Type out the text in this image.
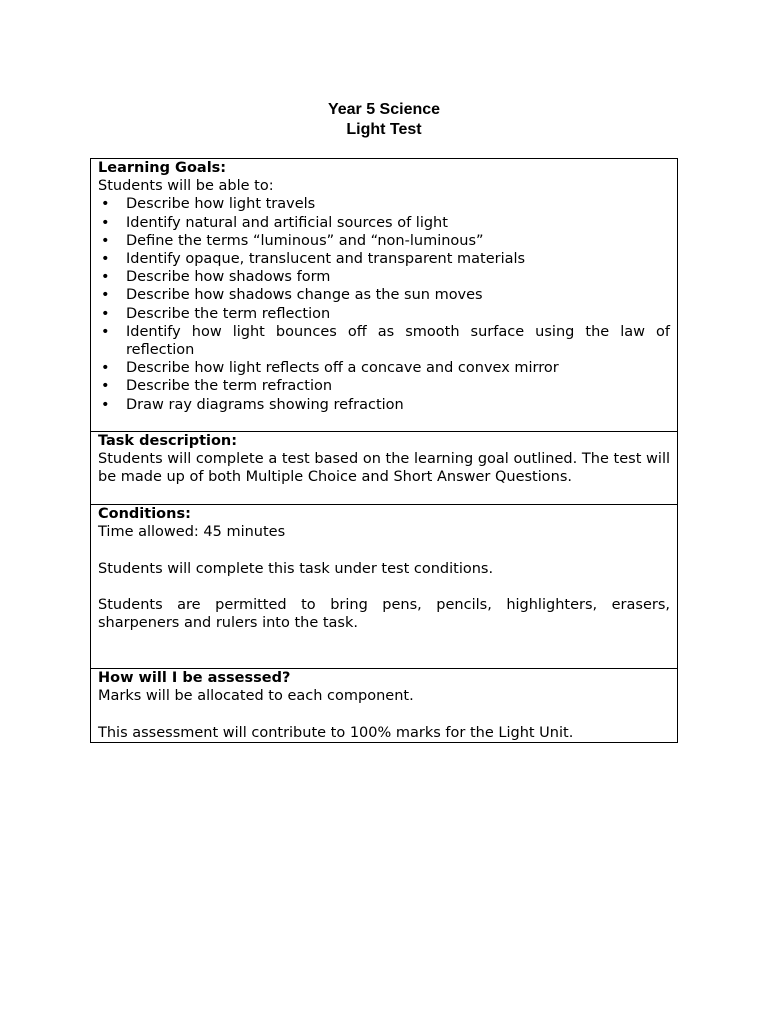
Year 5 Science
Light Test
Learning Goals:
Students will be able to:
• Describe how light travels
• Identify natural and artificial sources of light
• Define the terms “luminous” and “non-luminous”
• Identify opaque, translucent and transparent materials
• Describe how shadows form
• Describe how shadows change as the sun moves
• Describe the term reflection
• Identify how light bounces off as smooth surface using the law of reflection
• Describe how light reflects off a concave and convex mirror
• Describe the term refraction
• Draw ray diagrams showing refraction

Task description:
Students will complete a test based on the learning goal outlined. The test will be made up of both Multiple Choice and Short Answer Questions.

Conditions:
Time allowed: 45 minutes
Students will complete this task under test conditions.
Students are permitted to bring pens, pencils, highlighters, erasers, sharpeners and rulers into the task.

How will I be assessed?
Marks will be allocated to each component.
This assessment will contribute to 100% marks for the Light Unit.
